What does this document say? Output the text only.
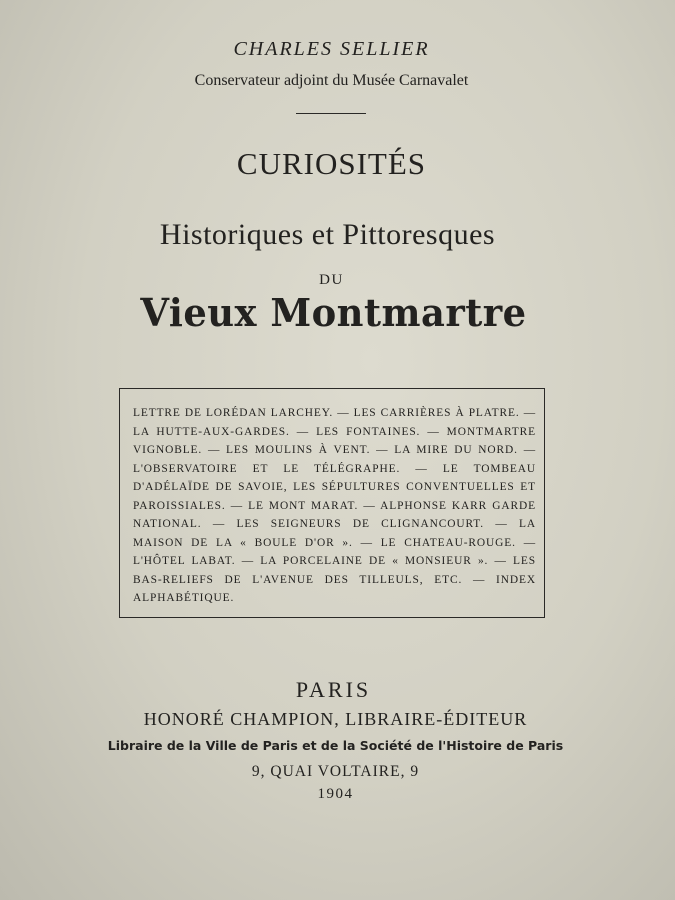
CHARLES SELLIER
Conservateur adjoint du Musée Carnavalet
CURIOSITÉS
Historiques et Pittoresques
DU
Vieux Montmartre
LETTRE DE LORÉDAN LARCHEY. — LES CARRIÈRES À PLATRE. — LA HUTTE-AUX-GARDES. — LES FONTAINES. — MONTMARTRE VIGNOBLE. — LES MOULINS À VENT. — LA MIRE DU NORD. — L'OBSERVATOIRE ET LE TÉLÉGRAPHE. — LE TOMBEAU D'ADÉLAÏDE DE SAVOIE, LES SÉPULTURES CONVENTUELLES ET PAROISSIALES. — LE MONT MARAT. — ALPHONSE KARR GARDE NATIONAL. — LES SEIGNEURS DE CLIGNANCOURT. — LA MAISON DE LA « BOULE D'OR ». — LE CHATEAU-ROUGE. — L'HÔTEL LABAT. — LA PORCELAINE DE « MONSIEUR ». — LES BAS-RELIEFS DE L'AVENUE DES TILLEULS, ETC. — INDEX ALPHABÉTIQUE.
PARIS
HONORÉ CHAMPION, LIBRAIRE-ÉDITEUR
Libraire de la Ville de Paris et de la Société de l'Histoire de Paris
9, QUAI VOLTAIRE, 9
1904
